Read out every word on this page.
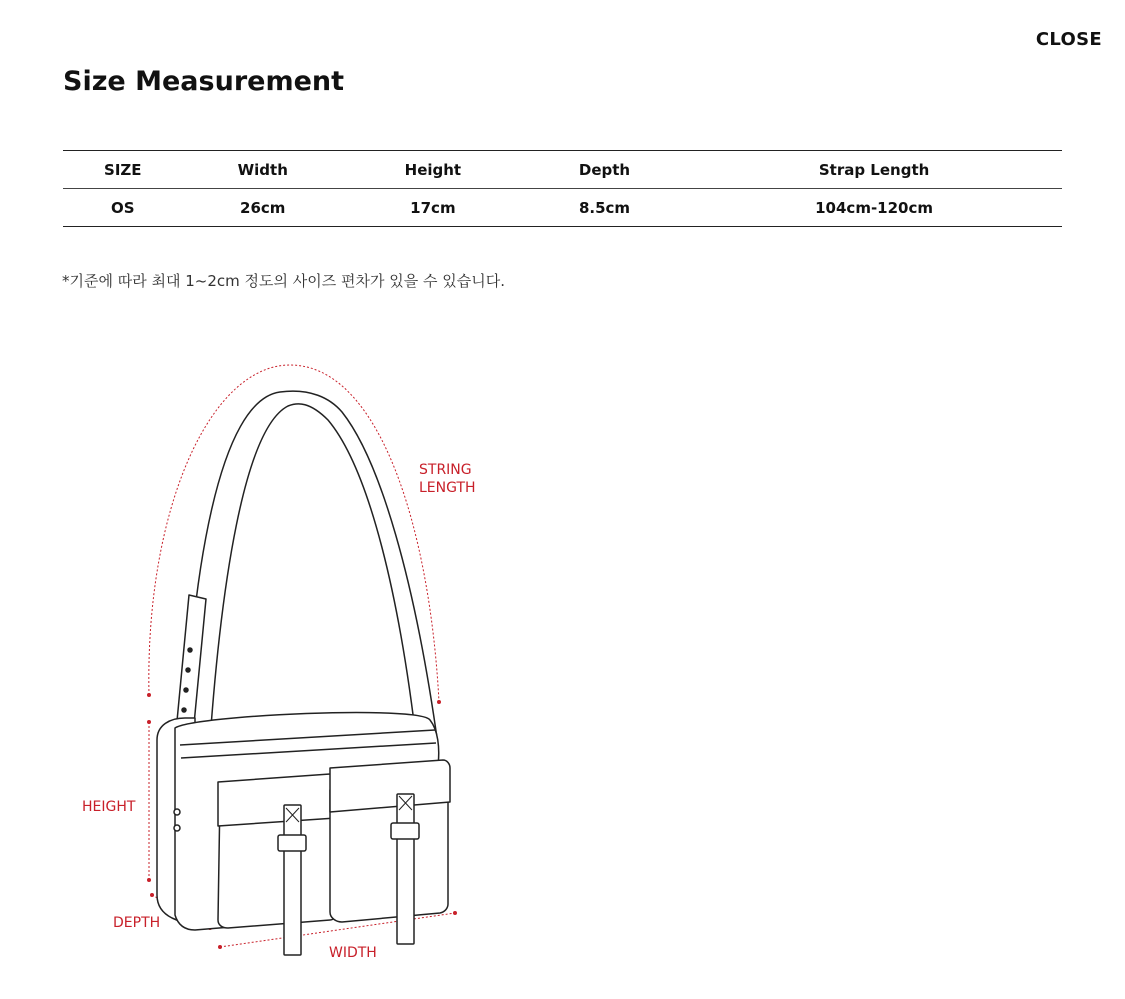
CLOSE
Size Measurement
SIZE	Width	Height	Depth	Strap Length
OS	26cm	17cm	8.5cm	104cm-120cm

*기준에 따라 최대 1~2cm 정도의 사이즈 편차가 있을 수 있습니다.

STRING
LENGTH
HEIGHT
DEPTH
WIDTH
